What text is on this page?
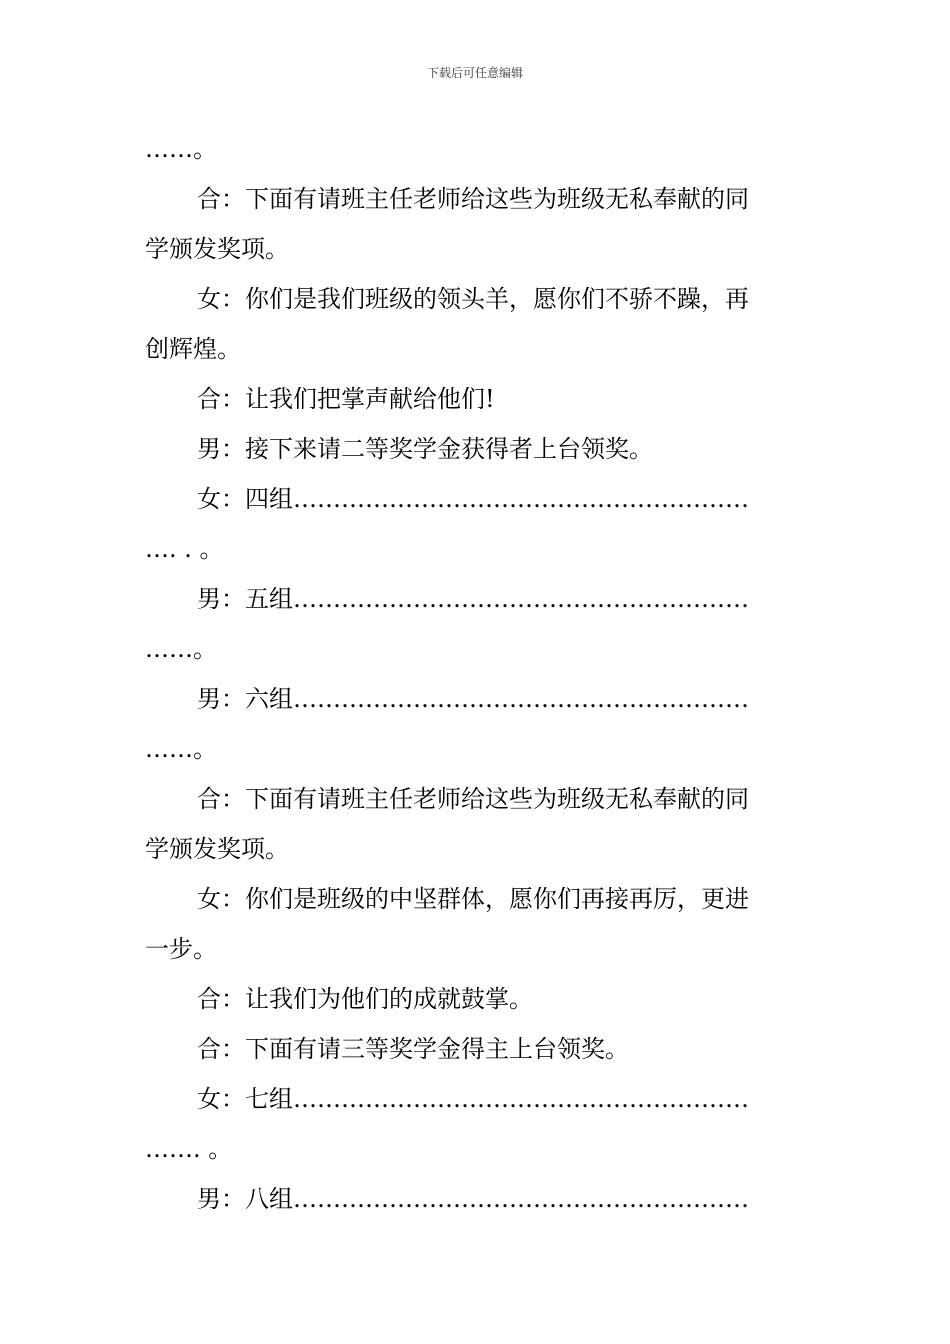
下载后可任意编辑
……。
合：下面有请班主任老师给这些为班级无私奉献的同
学颁发奖项。
女：你们是我们班级的领头羊，愿你们不骄不躁，再
创辉煌。
合：让我们把掌声献给他们!
男：接下来请二等奖学金获得者上台领奖。
女：四组…………………………………………………
…. . 。
男：五组…………………………………………………
……。
男：六组…………………………………………………
……。
合：下面有请班主任老师给这些为班级无私奉献的同
学颁发奖项。
女：你们是班级的中坚群体，愿你们再接再厉，更进
一步。
合：让我们为他们的成就鼓掌。
合：下面有请三等奖学金得主上台领奖。
女：七组…………………………………………………
……. 。
男：八组…………………………………………………
